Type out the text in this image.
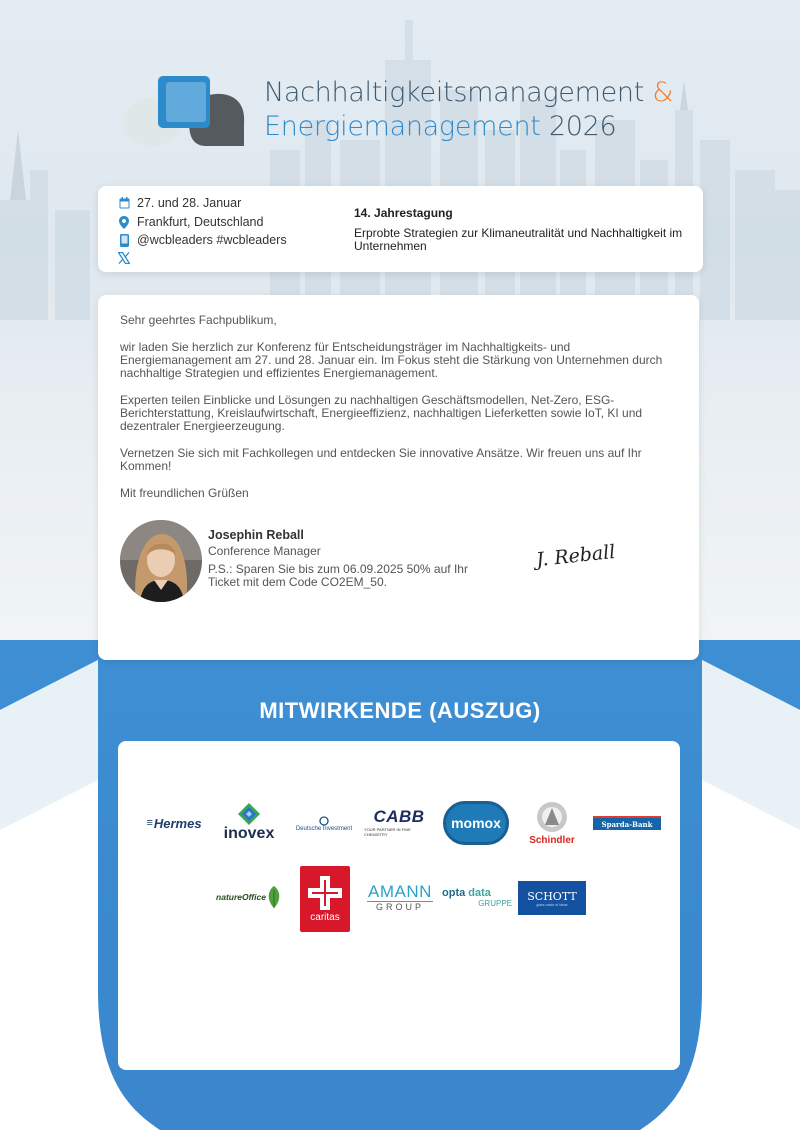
Nachhaltigkeitsmanagement &
Energiemanagement 2026
27. und 28. Januar
Frankfurt, Deutschland
@wcbleaders #wcbleaders
14. Jahrestagung
Erprobte Strategien zur Klimaneutralität und Nachhaltigkeit im Unternehmen

Sehr geehrtes Fachpublikum,

wir laden Sie herzlich zur Konferenz für Entscheidungsträger im Nachhaltigkeits- und Energiemanagement am 27. und 28. Januar ein. Im Fokus steht die Stärkung von Unternehmen durch nachhaltige Strategien und effizientes Energiemanagement.

Experten teilen Einblicke und Lösungen zu nachhaltigen Geschäftsmodellen, Net-Zero, ESG-Berichterstattung, Kreislaufwirtschaft, Energieeffizienz, nachhaltigen Lieferketten sowie IoT, KI und dezentraler Energieerzeugung.

Vernetzen Sie sich mit Fachkollegen und entdecken Sie innovative Ansätze. Wir freuen uns auf Ihr Kommen!

Mit freundlichen Grüßen

Josephin Reball
Conference Manager
P.S.: Sparen Sie bis zum 06.09.2025 50% auf Ihr Ticket mit dem Code CO2EM_50.
J. Reball
MITWIRKENDE (AUSZUG)
≡ Hermes
inovex	Deutsche Investment
CABB
YOUR PARTNER IN FINE CHEMISTRY
momox
Schindler
Sparda-Bank
natureOffice
caritas
AMANN
GROUP
opta data
GRUPPE
SCHOTT
glass made of ideas
